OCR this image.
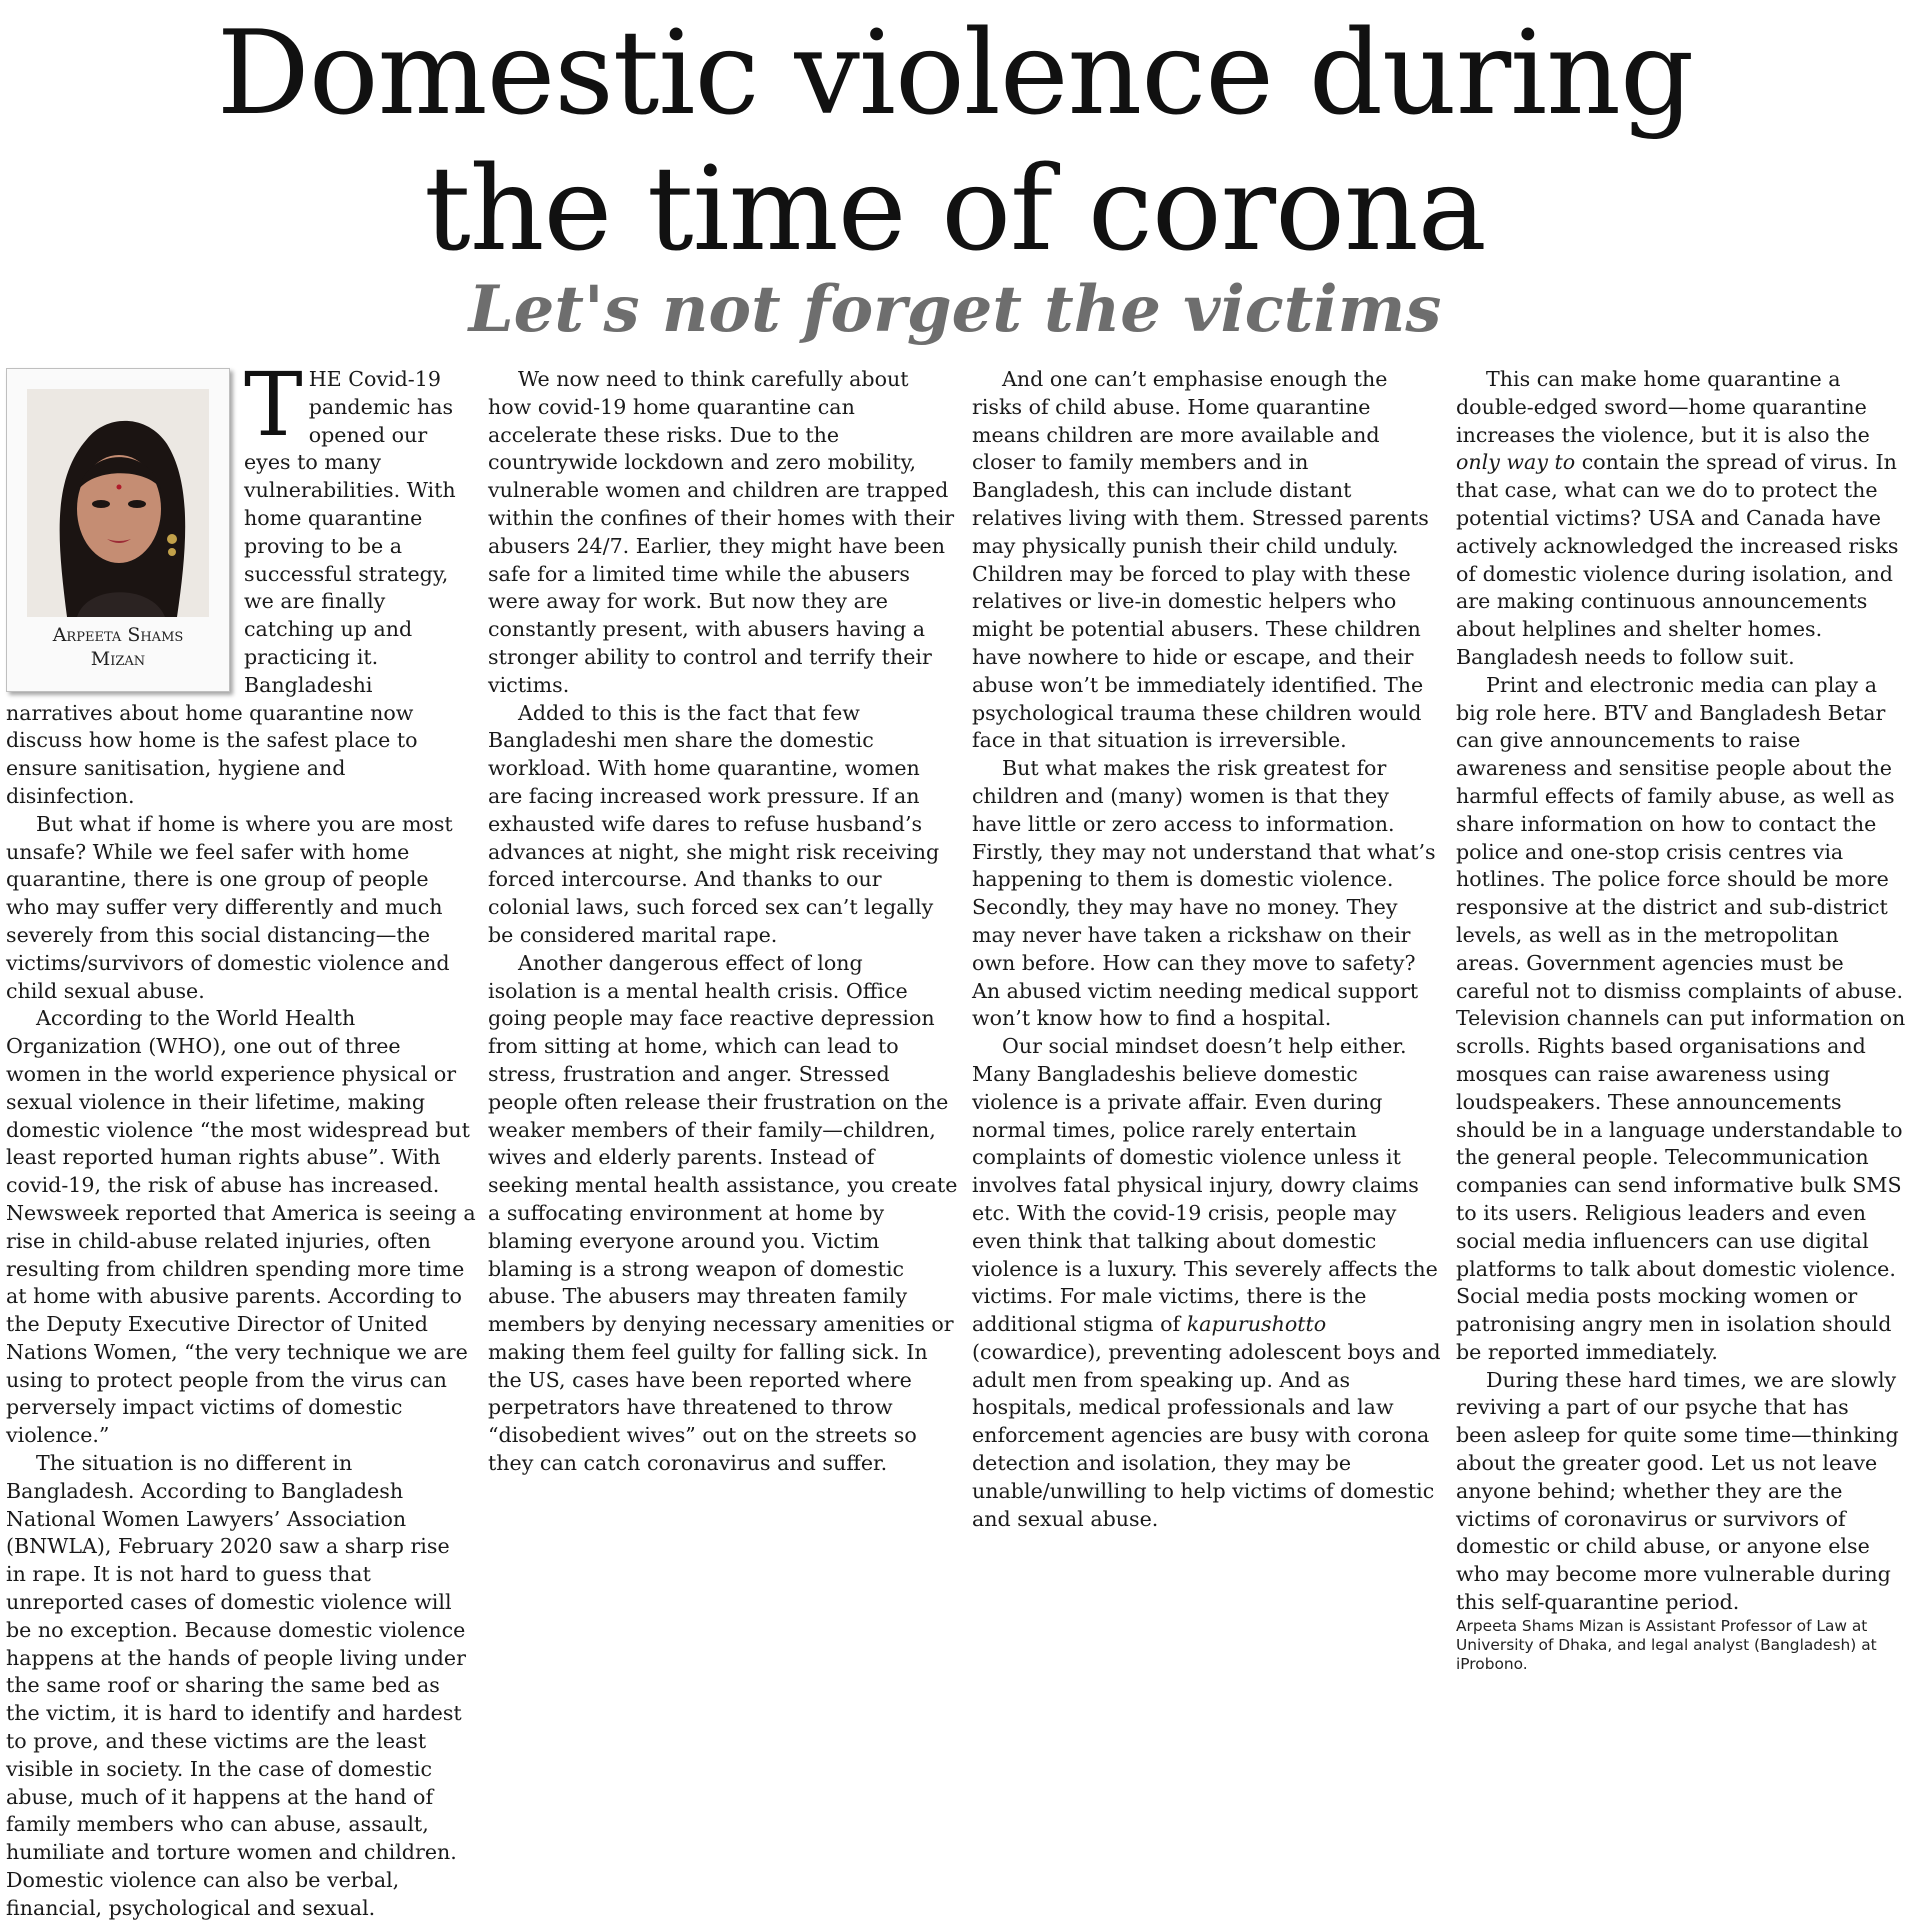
Domestic violence during
the time of corona
Let's not forget the victims
Arpeeta Shams
Mizan

THE Covid-19 pandemic has opened our eyes to many vulnerabilities. With home quarantine proving to be a successful strategy, we are finally catching up and practicing it. Bangladeshi narratives about home quarantine now discuss how home is the safest place to ensure sanitisation, hygiene and disinfection.

But what if home is where you are most unsafe? While we feel safer with home quarantine, there is one group of people who may suffer very differently and much severely from this social distancing—the victims/survivors of domestic violence and child sexual abuse.

According to the World Health Organization (WHO), one out of three women in the world experience physical or sexual violence in their lifetime, making domestic violence “the most widespread but least reported human rights abuse”. With covid-19, the risk of abuse has increased. Newsweek reported that America is seeing a rise in child-abuse related injuries, often resulting from children spending more time at home with abusive parents. According to the Deputy Executive Director of United Nations Women, “the very technique we are using to protect people from the virus can perversely impact victims of domestic violence.”

The situation is no different in Bangladesh. According to Bangladesh National Women Lawyers’ Association (BNWLA), February 2020 saw a sharp rise in rape. It is not hard to guess that unreported cases of domestic violence will be no exception. Because domestic violence happens at the hands of people living under the same roof or sharing the same bed as the victim, it is hard to identify and hardest to prove, and these victims are the least visible in society. In the case of domestic abuse, much of it happens at the hand of family members who can abuse, assault, humiliate and torture women and children. Domestic violence can also be verbal, financial, psychological and sexual.

We now need to think carefully about how covid-19 home quarantine can accelerate these risks. Due to the countrywide lockdown and zero mobility, vulnerable women and children are trapped within the confines of their homes with their abusers 24/7. Earlier, they might have been safe for a limited time while the abusers were away for work. But now they are constantly present, with abusers having a stronger ability to control and terrify their victims.

Added to this is the fact that few Bangladeshi men share the domestic workload. With home quarantine, women are facing increased work pressure. If an exhausted wife dares to refuse husband’s advances at night, she might risk receiving forced intercourse. And thanks to our colonial laws, such forced sex can’t legally be considered marital rape.

Another dangerous effect of long isolation is a mental health crisis. Office going people may face reactive depression from sitting at home, which can lead to stress, frustration and anger. Stressed people often release their frustration on the weaker members of their family—children, wives and elderly parents. Instead of seeking mental health assistance, you create a suffocating environment at home by blaming everyone around you. Victim blaming is a strong weapon of domestic abuse. The abusers may threaten family members by denying necessary amenities or making them feel guilty for falling sick. In the US, cases have been reported where perpetrators have threatened to throw “disobedient wives” out on the streets so they can catch coronavirus and suffer.

And one can’t emphasise enough the risks of child abuse. Home quarantine means children are more available and closer to family members and in Bangladesh, this can include distant relatives living with them. Stressed parents may physically punish their child unduly. Children may be forced to play with these relatives or live-in domestic helpers who might be potential abusers. These children have nowhere to hide or escape, and their abuse won’t be immediately identified. The psychological trauma these children would face in that situation is irreversible.

But what makes the risk greatest for children and (many) women is that they have little or zero access to information. Firstly, they may not understand that what’s happening to them is domestic violence. Secondly, they may have no money. They may never have taken a rickshaw on their own before. How can they move to safety? An abused victim needing medical support won’t know how to find a hospital.

Our social mindset doesn’t help either. Many Bangladeshis believe domestic violence is a private affair. Even during normal times, police rarely entertain complaints of domestic violence unless it involves fatal physical injury, dowry claims etc. With the covid-19 crisis, people may even think that talking about domestic violence is a luxury. This severely affects the victims. For male victims, there is the additional stigma of kapurushotto (cowardice), preventing adolescent boys and adult men from speaking up. And as hospitals, medical professionals and law enforcement agencies are busy with corona detection and isolation, they may be unable/unwilling to help victims of domestic and sexual abuse.

This can make home quarantine a double-edged sword—home quarantine increases the violence, but it is also the only way to contain the spread of virus. In that case, what can we do to protect the potential victims? USA and Canada have actively acknowledged the increased risks of domestic violence during isolation, and are making continuous announcements about helplines and shelter homes. Bangladesh needs to follow suit.

Print and electronic media can play a big role here. BTV and Bangladesh Betar can give announcements to raise awareness and sensitise people about the harmful effects of family abuse, as well as share information on how to contact the police and one-stop crisis centres via hotlines. The police force should be more responsive at the district and sub-district levels, as well as in the metropolitan areas. Government agencies must be careful not to dismiss complaints of abuse. Television channels can put information on scrolls. Rights based organisations and mosques can raise awareness using loudspeakers. These announcements should be in a language understandable to the general people. Telecommunication companies can send informative bulk SMS to its users. Religious leaders and even social media influencers can use digital platforms to talk about domestic violence. Social media posts mocking women or patronising angry men in isolation should be reported immediately.

During these hard times, we are slowly reviving a part of our psyche that has been asleep for quite some time—thinking about the greater good. Let us not leave anyone behind; whether they are the victims of coronavirus or survivors of domestic or child abuse, or anyone else who may become more vulnerable during this self-quarantine period.

Arpeeta Shams Mizan is Assistant Professor of Law at University of Dhaka, and legal analyst (Bangladesh) at iProbono.
